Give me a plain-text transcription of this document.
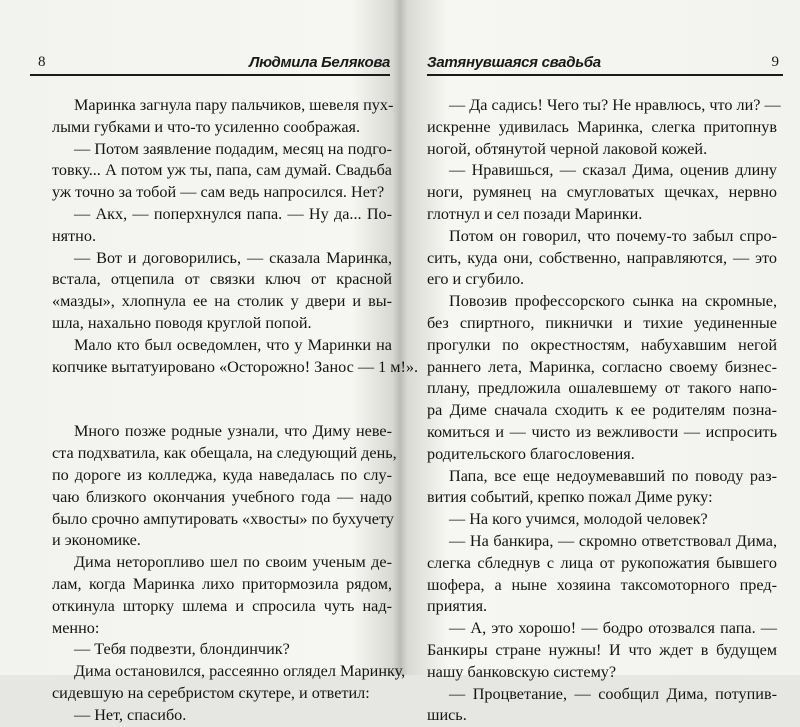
8	Людмила Белякова
Маринка загнула пару пальчиков, шевеля пух-
лыми губками и что-то усиленно соображая.
— Потом заявление подадим, месяц на подго-
товку... А потом уж ты, папа, сам думай. Свадьба
уж точно за тобой — сам ведь напросился. Нет?
— Акх, — поперхнулся папа. — Ну да... По-
нятно.
— Вот и договорились, — сказала Маринка,
встала, отцепила от связки ключ от красной
«мазды», хлопнула ее на столик у двери и вы-
шла, нахально поводя круглой попой.
Мало кто был осведомлен, что у Маринки на
копчике вытатуировано «Осторожно! Занос — 1 м!».
Много позже родные узнали, что Диму неве-
ста подхватила, как обещала, на следующий день,
по дороге из колледжа, куда наведалась по слу-
чаю близкого окончания учебного года — надо
было срочно ампутировать «хвосты» по бухучету
и экономике.
Дима неторопливо шел по своим ученым де-
лам, когда Маринка лихо притормозила рядом,
откинула шторку шлема и спросила чуть над-
менно:
— Тебя подвезти, блондинчик?
Дима остановился, рассеянно оглядел Маринку,
сидевшую на серебристом скутере, и ответил:
— Нет, спасибо.
Затянувшаяся свадьба	9
— Да садись! Чего ты? Не нравлюсь, что ли? —
искренне удивилась Маринка, слегка притопнув
ногой, обтянутой черной лаковой кожей.
— Нравишься, — сказал Дима, оценив длину
ноги, румянец на смугловатых щечках, нервно
глотнул и сел позади Маринки.
Потом он говорил, что почему-то забыл спро-
сить, куда они, собственно, направляются, — это
его и сгубило.
Повозив профессорского сынка на скромные,
без спиртного, пикнички и тихие уединенные
прогулки по окрестностям, набухавшим негой
раннего лета, Маринка, согласно своему бизнес-
плану, предложила ошалевшему от такого напо-
ра Диме сначала сходить к ее родителям позна-
комиться и — чисто из вежливости — испросить
родительского благословения.
Папа, все еще недоумевавший по поводу раз-
вития событий, крепко пожал Диме руку:
— На кого учимся, молодой человек?
— На банкира, — скромно ответствовал Дима,
слегка сбледнув с лица от рукопожатия бывшего
шофера, а ныне хозяина таксомоторного пред-
приятия.
— А, это хорошо! — бодро отозвался папа. —
Банкиры стране нужны! И что ждет в будущем
нашу банковскую систему?
— Процветание, — сообщил Дима, потупив-
шись.
